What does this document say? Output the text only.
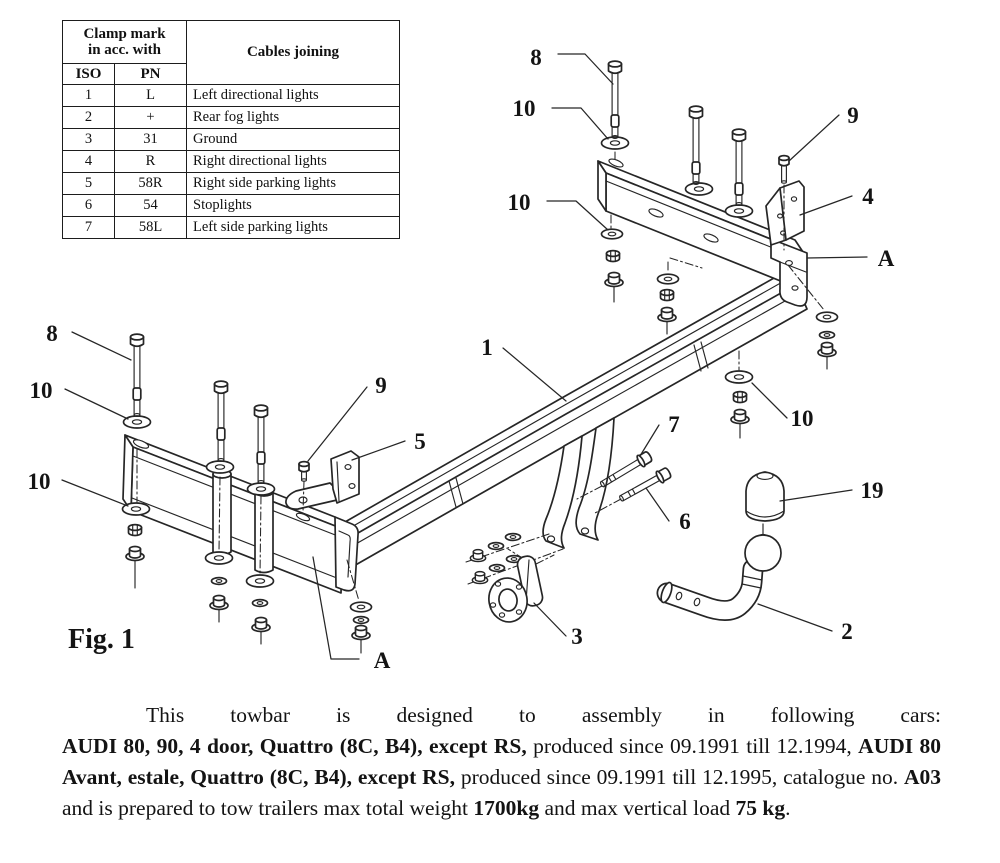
Clamp mark
in acc. with		Cables joining
ISO	PN	
1	L	Left directional lights
2	+	Rear fog lights
3	31	Ground
4	R	Right directional lights
5	58R	Right side parking lights
6	54	Stoplights
7	58L	Left side parking lights
8
10
10
9
4
A
8
10
10
9
5
1
7
6
10
19
3	2
A
Fig. 1
This towbar is designed to assembly in following cars:
AUDI 80, 90, 4 door, Quattro (8C, B4), except RS, produced since 09.1991 till 12.1994, AUDI 80 Avant, estale, Quattro (8C, B4), except RS, produced since 09.1991 till 12.1995, catalogue no. A03 and is prepared to tow trailers max total weight 1700kg and max vertical load 75 kg.
